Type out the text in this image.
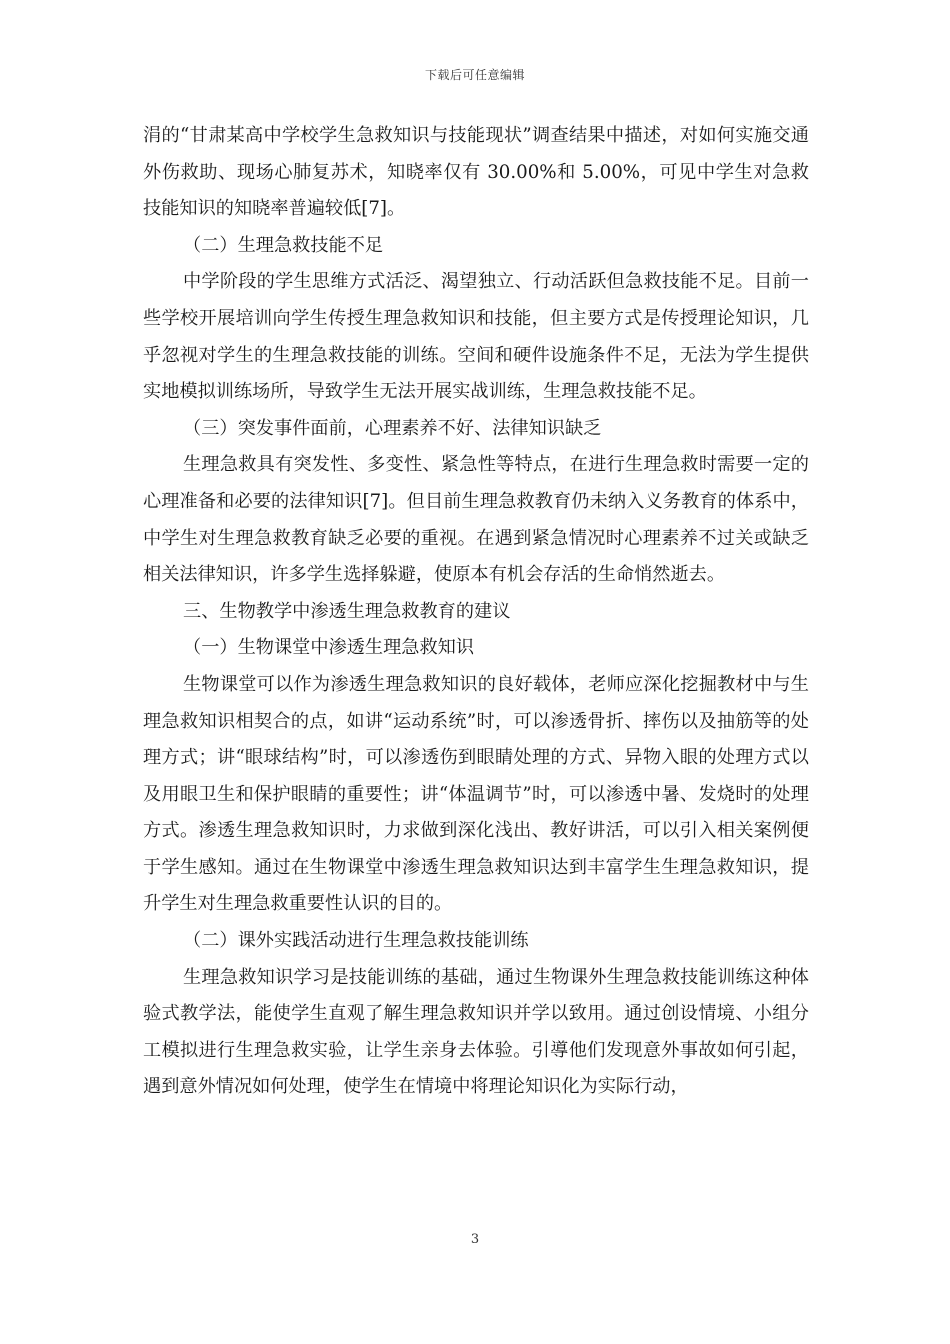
下载后可任意编辑

涓的“甘肃某高中学校学生急救知识与技能现状”调查结果中描述，对如何实施交通外伤救助、现场心肺复苏术，知晓率仅有 30.00%和 5.00%，可见中学生对急救技能知识的知晓率普遍较低[7]。

（二）生理急救技能不足

中学阶段的学生思维方式活泛、渴望独立、行动活跃但急救技能不足。目前一些学校开展培训向学生传授生理急救知识和技能，但主要方式是传授理论知识，几乎忽视对学生的生理急救技能的训练。空间和硬件设施条件不足，无法为学生提供实地模拟训练场所，导致学生无法开展实战训练，生理急救技能不足。

（三）突发事件面前，心理素养不好、法律知识缺乏

生理急救具有突发性、多变性、紧急性等特点，在进行生理急救时需要一定的心理准备和必要的法律知识[7]。但目前生理急救教育仍未纳入义务教育的体系中，中学生对生理急救教育缺乏必要的重视。在遇到紧急情况时心理素养不过关或缺乏相关法律知识，许多学生选择躲避，使原本有机会存活的生命悄然逝去。

三、生物教学中渗透生理急救教育的建议

（一）生物课堂中渗透生理急救知识

生物课堂可以作为渗透生理急救知识的良好载体，老师应深化挖掘教材中与生理急救知识相契合的点，如讲“运动系统”时，可以渗透骨折、摔伤以及抽筋等的处理方式；讲“眼球结构”时，可以渗透伤到眼睛处理的方式、异物入眼的处理方式以及用眼卫生和保护眼睛的重要性；讲“体温调节”时，可以渗透中暑、发烧时的处理方式。渗透生理急救知识时，力求做到深化浅出、教好讲活，可以引入相关案例便于学生感知。通过在生物课堂中渗透生理急救知识达到丰富学生生理急救知识，提升学生对生理急救重要性认识的目的。

（二）课外实践活动进行生理急救技能训练

生理急救知识学习是技能训练的基础，通过生物课外生理急救技能训练这种体验式教学法，能使学生直观了解生理急救知识并学以致用。通过创设情境、小组分工模拟进行生理急救实验，让学生亲身去体验。引導他们发现意外事故如何引起，遇到意外情况如何处理，使学生在情境中将理论知识化为实际行动，

3
